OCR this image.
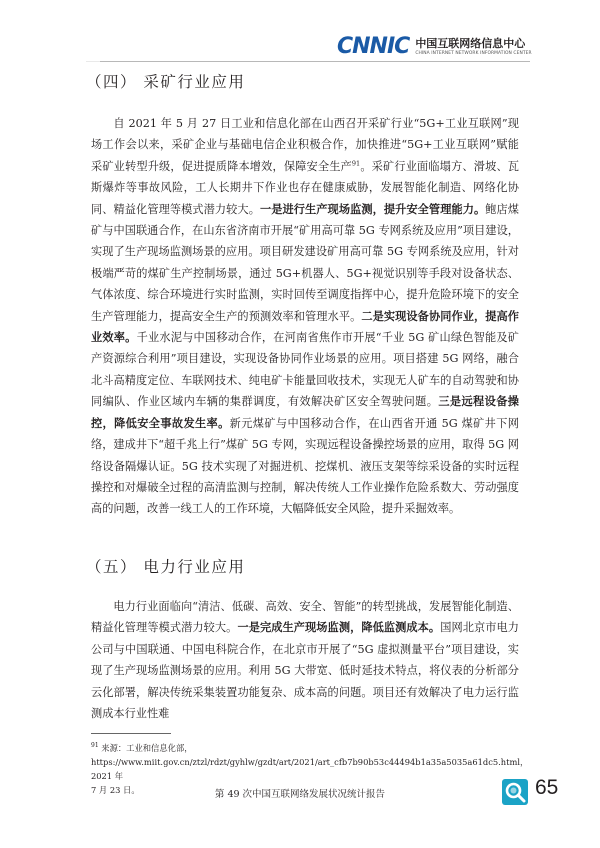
CNNIC 中国互联网络信息中心
CHINA INTERNET NETWORK INFORMATION CENTER
（四） 采矿行业应用
自 2021 年 5 月 27 日工业和信息化部在山西召开采矿行业“5G+工业互联网”现场工作会以来，采矿企业与基础电信企业积极合作，加快推进“5G+工业互联网”赋能采矿业转型升级，促进提质降本增效，保障安全生产$^{91}$。采矿行业面临塌方、滑坡、瓦斯爆炸等事故风险，工人长期井下作业也存在健康威胁，发展智能化制造、网络化协同、精益化管理等模式潜力较大。一是进行生产现场监测，提升安全管理能力。鲍店煤矿与中国联通合作，在山东省济南市开展“矿用高可靠 5G 专网系统及应用”项目建设，实现了生产现场监测场景的应用。项目研发建设矿用高可靠 5G 专网系统及应用，针对极端严苛的煤矿生产控制场景，通过 5G+机器人、5G+视觉识别等手段对设备状态、气体浓度、综合环境进行实时监测，实时回传至调度指挥中心，提升危险环境下的安全生产管理能力，提高安全生产的预测效率和管理水平。二是实现设备协同作业，提高作业效率。千业水泥与中国移动合作，在河南省焦作市开展“千业 5G 矿山绿色智能及矿产资源综合利用”项目建设，实现设备协同作业场景的应用。项目搭建 5G 网络，融合北斗高精度定位、车联网技术、纯电矿卡能量回收技术，实现无人矿车的自动驾驶和协同编队、作业区域内车辆的集群调度，有效解决矿区安全驾驶问题。三是远程设备操控，降低安全事故发生率。新元煤矿与中国移动合作，在山西省开通 5G 煤矿井下网络，建成井下“超千兆上行”煤矿 5G 专网，实现远程设备操控场景的应用，取得 5G 网络设备隔爆认证。5G 技术实现了对掘进机、挖煤机、液压支架等综采设备的实时远程操控和对爆破全过程的高清监测与控制，解决传统人工作业操作危险系数大、劳动强度高的问题，改善一线工人的工作环境，大幅降低安全风险，提升采掘效率。
（五） 电力行业应用
电力行业面临向“清洁、低碳、高效、安全、智能”的转型挑战，发展智能化制造、精益化管理等模式潜力较大。一是完成生产现场监测，降低监测成本。国网北京市电力公司与中国联通、中国电科院合作，在北京市开展了“5G 虚拟测量平台”项目建设，实现了生产现场监测场景的应用。利用 5G 大带宽、低时延技术特点，将仪表的分析部分云化部署，解决传统采集装置功能复杂、成本高的问题。项目还有效解决了电力运行监测成本行业性难
$^{91}$ 来源：工业和信息化部，
https://www.miit.gov.cn/ztzl/rdzt/gyhlw/gzdt/art/2021/art_cfb7b90b53c44494b1a35a5035a61dc5.html，2021 年
7 月 23 日。	第 49 次中国互联网络发展状况统计报告	65
